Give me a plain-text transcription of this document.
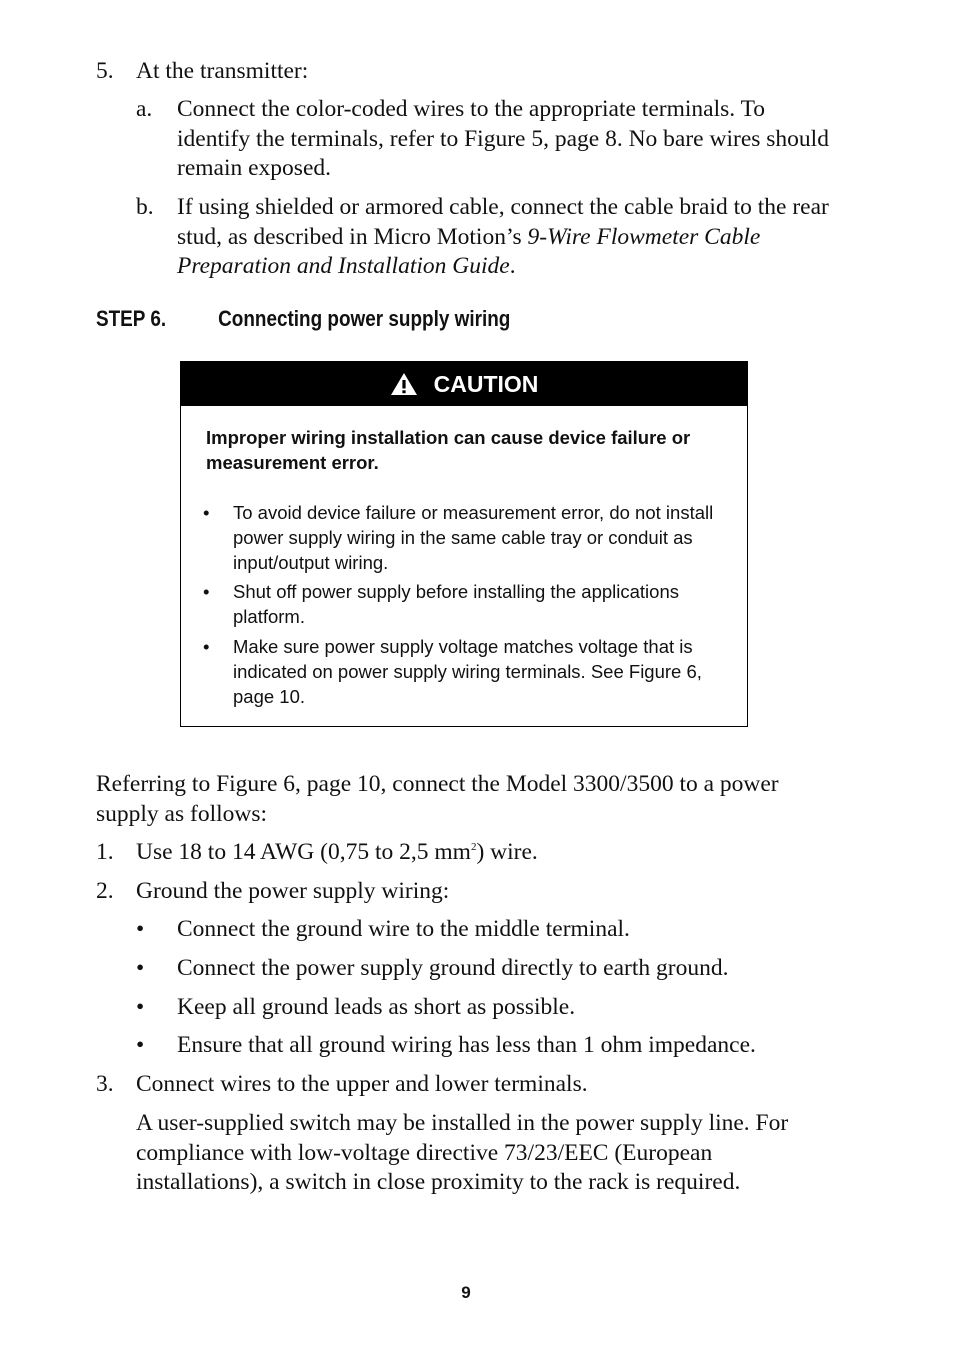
5. At the transmitter:
a. Connect the color-coded wires to the appropriate terminals. To identify the terminals, refer to Figure 5, page 8. No bare wires should remain exposed.
b. If using shielded or armored cable, connect the cable braid to the rear stud, as described in Micro Motion’s 9-Wire Flowmeter Cable Preparation and Installation Guide.
STEP 6. Connecting power supply wiring
CAUTION
Improper wiring installation can cause device failure or measurement error.
• To avoid device failure or measurement error, do not install power supply wiring in the same cable tray or conduit as input/output wiring.
• Shut off power supply before installing the applications platform.
• Make sure power supply voltage matches voltage that is indicated on power supply wiring terminals. See Figure 6, page 10.
Referring to Figure 6, page 10, connect the Model 3300/3500 to a power supply as follows:
1. Use 18 to 14 AWG (0,75 to 2,5 $mm^2$) wire.
2. Ground the power supply wiring:
• Connect the ground wire to the middle terminal.
• Connect the power supply ground directly to earth ground.
• Keep all ground leads as short as possible.
• Ensure that all ground wiring has less than 1 ohm impedance.
3. Connect wires to the upper and lower terminals.
A user-supplied switch may be installed in the power supply line. For compliance with low-voltage directive 73/23/EEC (European installations), a switch in close proximity to the rack is required.
9
